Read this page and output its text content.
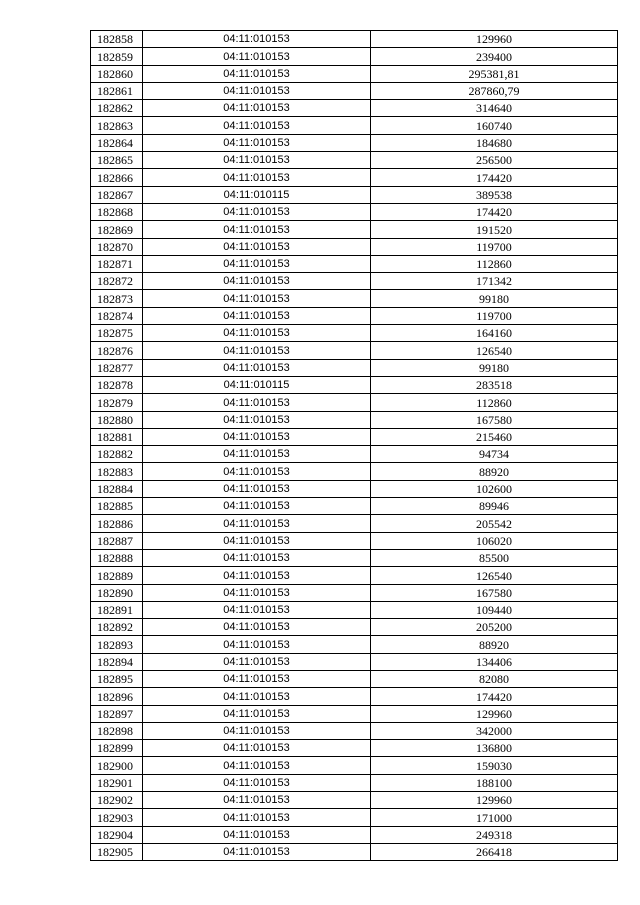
182858	04:11:010153	129960
182859	04:11:010153	239400
182860	04:11:010153	295381,81
182861	04:11:010153	287860,79
182862	04:11:010153	314640
182863	04:11:010153	160740
182864	04:11:010153	184680
182865	04:11:010153	256500
182866	04:11:010153	174420
182867	04:11:010115	389538
182868	04:11:010153	174420
182869	04:11:010153	191520
182870	04:11:010153	119700
182871	04:11:010153	112860
182872	04:11:010153	171342
182873	04:11:010153	99180
182874	04:11:010153	119700
182875	04:11:010153	164160
182876	04:11:010153	126540
182877	04:11:010153	99180
182878	04:11:010115	283518
182879	04:11:010153	112860
182880	04:11:010153	167580
182881	04:11:010153	215460
182882	04:11:010153	94734
182883	04:11:010153	88920
182884	04:11:010153	102600
182885	04:11:010153	89946
182886	04:11:010153	205542
182887	04:11:010153	106020
182888	04:11:010153	85500
182889	04:11:010153	126540
182890	04:11:010153	167580
182891	04:11:010153	109440
182892	04:11:010153	205200
182893	04:11:010153	88920
182894	04:11:010153	134406
182895	04:11:010153	82080
182896	04:11:010153	174420
182897	04:11:010153	129960
182898	04:11:010153	342000
182899	04:11:010153	136800
182900	04:11:010153	159030
182901	04:11:010153	188100
182902	04:11:010153	129960
182903	04:11:010153	171000
182904	04:11:010153	249318
182905	04:11:010153	266418
